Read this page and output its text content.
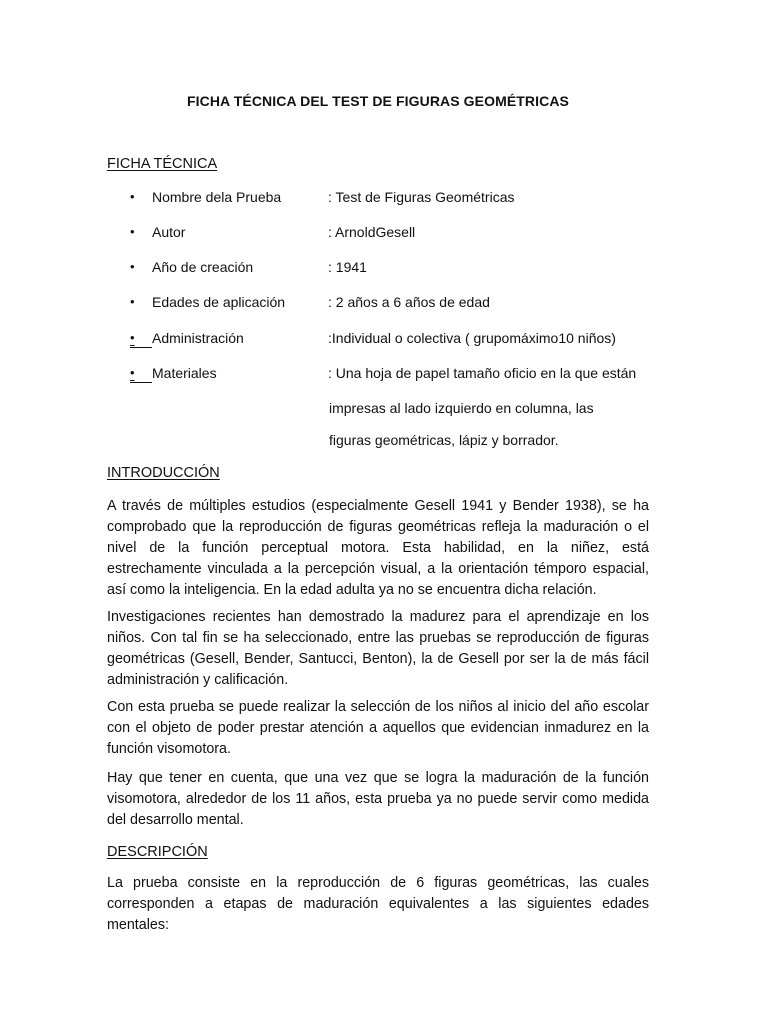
FICHA TÉCNICA DEL TEST DE FIGURAS GEOMÉTRICAS
FICHA TÉCNICA
• Nombre dela Prueba	: Test de Figuras Geométricas
• Autor	: ArnoldGesell
• Año de creación	: 1941
• Edades de aplicación	: 2 años a 6 años de edad
• Administración	:Individual o colectiva ( grupomáximo10 niños)
• Materiales	: Una hoja de papel tamaño oficio en la que están
impresas al lado izquierdo en columna, las
figuras geométricas, lápiz y borrador.
INTRODUCCIÓN

A través de múltiples estudios (especialmente Gesell 1941 y Bender 1938), se ha comprobado que la reproducción de figuras geométricas refleja la maduración o el nivel de la función perceptual motora. Esta habilidad, en la niñez, está estrechamente vinculada a la percepción visual, a la orientación témporo espacial, así como la inteligencia. En la edad adulta ya no se encuentra dicha relación.

Investigaciones recientes han demostrado la madurez para el aprendizaje en los niños. Con tal fin se ha seleccionado, entre las pruebas se reproducción de figuras geométricas (Gesell, Bender, Santucci, Benton), la de Gesell por ser la de más fácil administración y calificación.

Con esta prueba se puede realizar la selección de los niños al inicio del año escolar con el objeto de poder prestar atención a aquellos que evidencian inmadurez en la función visomotora.

Hay que tener en cuenta, que una vez que se logra la maduración de la función visomotora, alrededor de los 11 años, esta prueba ya no puede servir como medida del desarrollo mental.

DESCRIPCIÓN

La prueba consiste en la reproducción de 6 figuras geométricas, las cuales corresponden a etapas de maduración equivalentes a las siguientes edades mentales:
